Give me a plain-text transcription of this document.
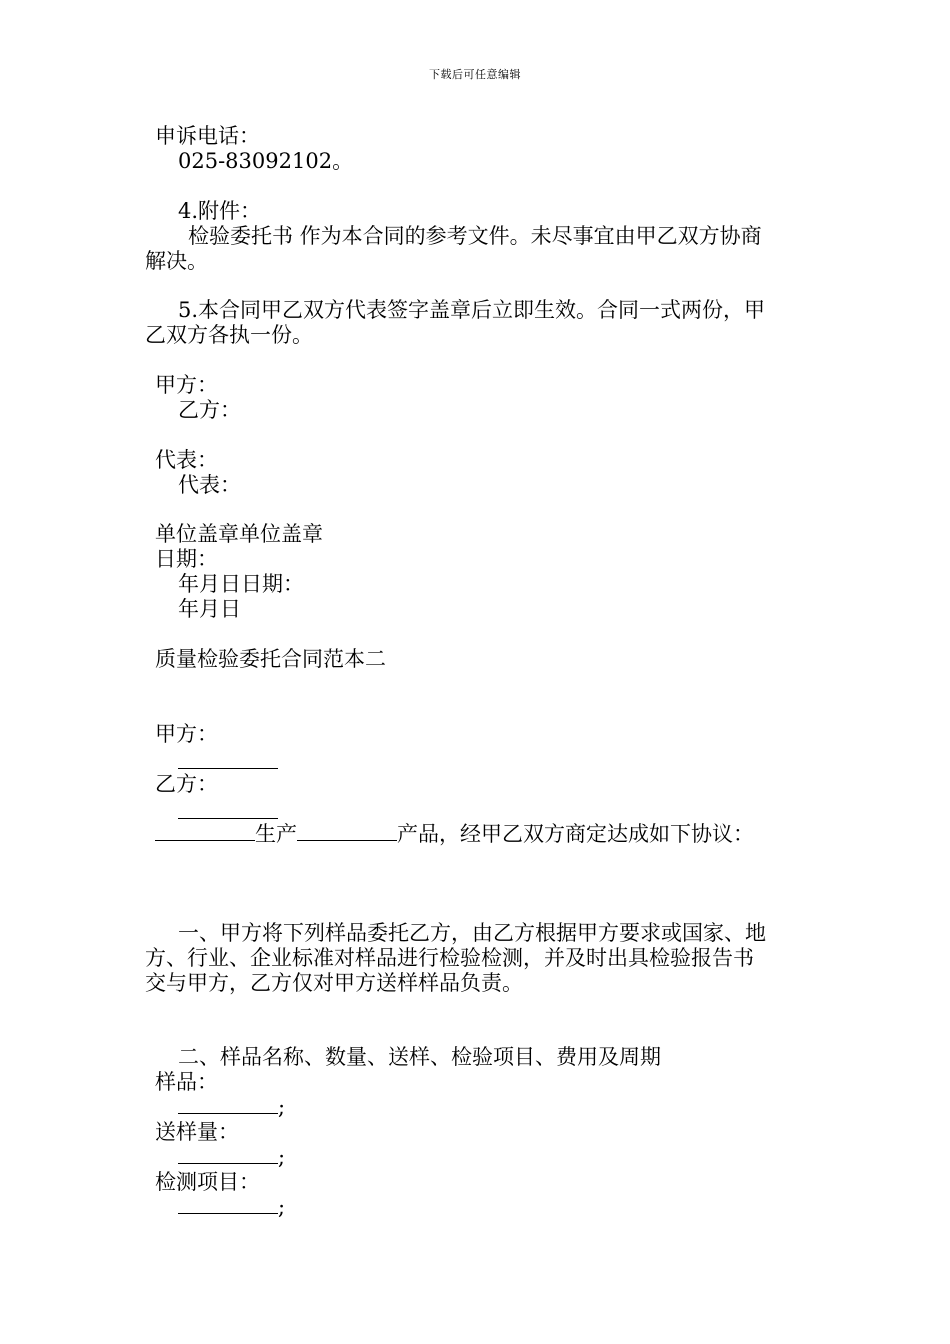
下载后可任意编辑
申诉电话：
025-83092102。
4.附件：
检验委托书 作为本合同的参考文件。未尽事宜由甲乙双方协商
解决。
5.本合同甲乙双方代表签字盖章后立即生效。合同一式两份，甲
乙双方各执一份。
甲方：
乙方：
代表：
代表：
单位盖章单位盖章
日期：
年月日日期：
年月日
质量检验委托合同范本二
甲方：
乙方：
生产	产品，经甲乙双方商定达成如下协议：
一、甲方将下列样品委托乙方，由乙方根据甲方要求或国家、地
方、行业、企业标准对样品进行检验检测，并及时出具检验报告书
交与甲方，乙方仅对甲方送样样品负责。
二、样品名称、数量、送样、检验项目、费用及周期
样品：
;
送样量：
;
检测项目：
;
